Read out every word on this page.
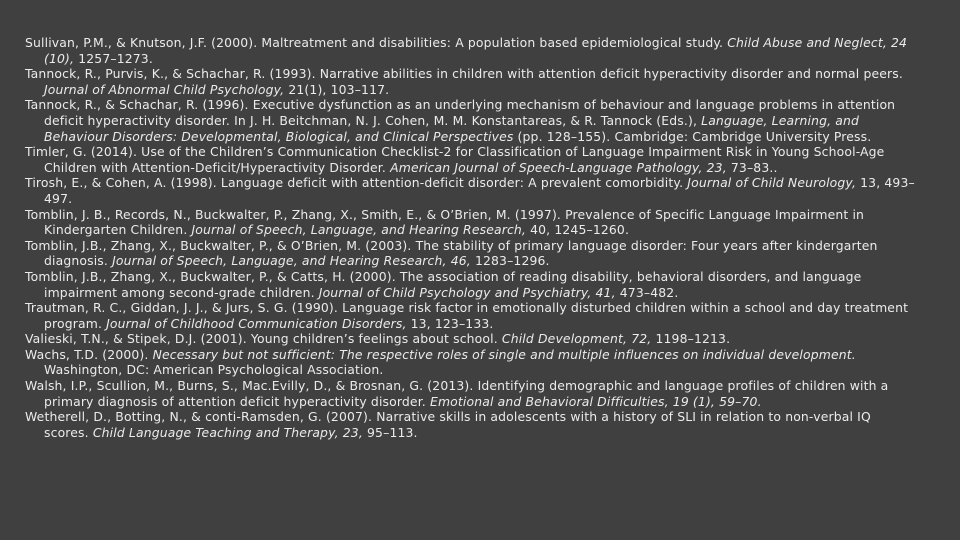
Sullivan, P.M., & Knutson, J.F. (2000). Maltreatment and disabilities: A population based epidemiological study. Child Abuse and Neglect, 24 (10), 1257–1273.

Tannock, R., Purvis, K., & Schachar, R. (1993). Narrative abilities in children with attention deficit hyperactivity disorder and normal peers. Journal of Abnormal Child Psychology, 21(1), 103–117.

Tannock, R., & Schachar, R. (1996). Executive dysfunction as an underlying mechanism of behaviour and language problems in attention deficit hyperactivity disorder. In J. H. Beitchman, N. J. Cohen, M. M. Konstantareas, & R. Tannock (Eds.), Language, Learning, and Behaviour Disorders: Developmental, Biological, and Clinical Perspectives (pp. 128–155). Cambridge: Cambridge University Press.

Timler, G. (2014). Use of the Children’s Communication Checklist-2 for Classification of Language Impairment Risk in Young School-Age Children with Attention-Deficit/Hyperactivity Disorder. American Journal of Speech-Language Pathology, 23, 73–83..

Tirosh, E., & Cohen, A. (1998). Language deficit with attention-deficit disorder: A prevalent comorbidity. Journal of Child Neurology, 13, 493–497.

Tomblin, J. B., Records, N., Buckwalter, P., Zhang, X., Smith, E., & O’Brien, M. (1997). Prevalence of Specific Language Impairment in Kindergarten Children. Journal of Speech, Language, and Hearing Research, 40, 1245–1260.

Tomblin, J.B., Zhang, X., Buckwalter, P., & O’Brien, M. (2003). The stability of primary language disorder: Four years after kindergarten diagnosis. Journal of Speech, Language, and Hearing Research, 46, 1283–1296.

Tomblin, J.B., Zhang, X., Buckwalter, P., & Catts, H. (2000). The association of reading disability, behavioral disorders, and language impairment among second-grade children. Journal of Child Psychology and Psychiatry, 41, 473–482.

Trautman, R. C., Giddan, J. J., & Jurs, S. G. (1990). Language risk factor in emotionally disturbed children within a school and day treatment program. Journal of Childhood Communication Disorders, 13, 123–133.

Valieski, T.N., & Stipek, D.J. (2001). Young children’s feelings about school. Child Development, 72, 1198–1213.

Wachs, T.D. (2000). Necessary but not sufficient: The respective roles of single and multiple influences on individual development. Washington, DC: American Psychological Association.

Walsh, I.P., Scullion, M., Burns, S., Mac.Evilly, D., & Brosnan, G. (2013). Identifying demographic and language profiles of children with a primary diagnosis of attention deficit hyperactivity disorder. Emotional and Behavioral Difficulties, 19 (1), 59–70.

Wetherell, D., Botting, N., & conti-Ramsden, G. (2007). Narrative skills in adolescents with a history of SLI in relation to non-verbal IQ scores. Child Language Teaching and Therapy, 23, 95–113.
